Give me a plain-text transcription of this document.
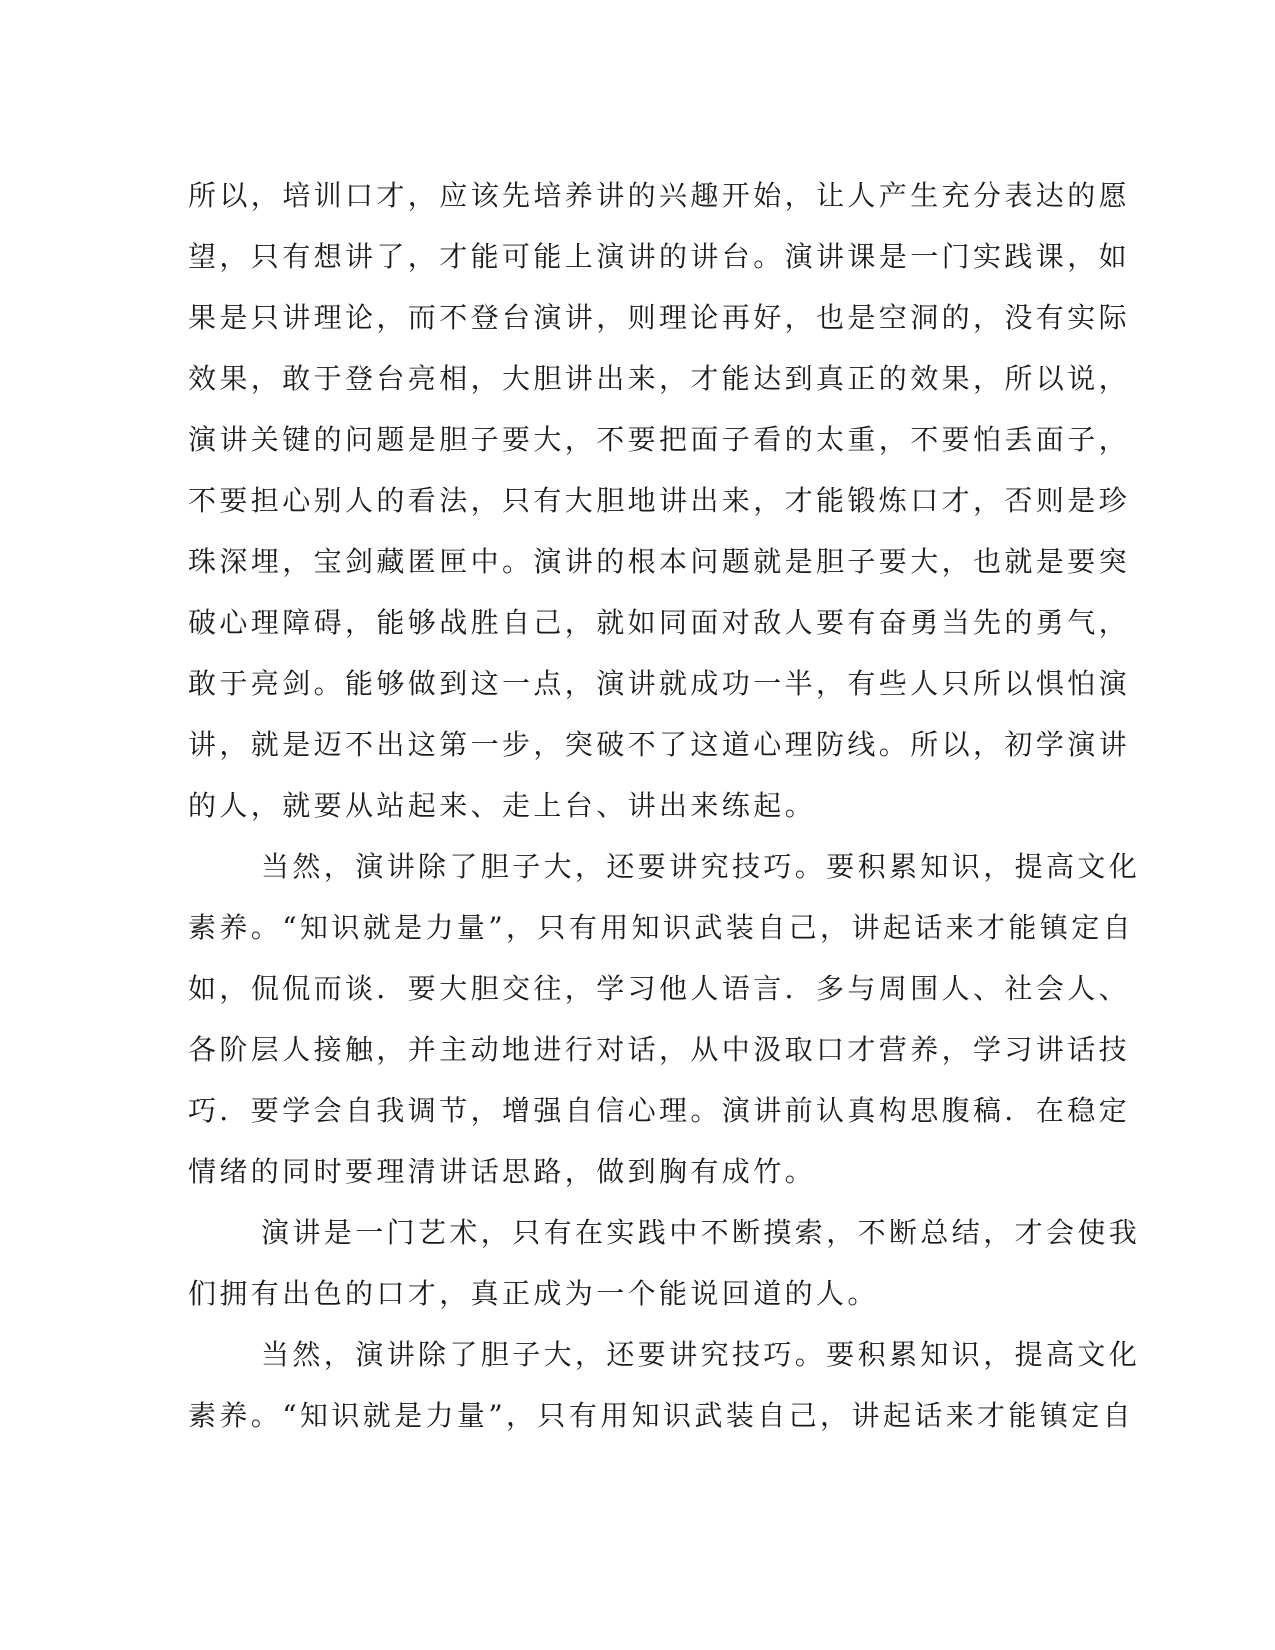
所以，培训口才，应该先培养讲的兴趣开始，让人产生充分表达的愿
望，只有想讲了，才能可能上演讲的讲台。演讲课是一门实践课，如
果是只讲理论，而不登台演讲，则理论再好，也是空洞的，没有实际
效果，敢于登台亮相，大胆讲出来，才能达到真正的效果，所以说，
演讲关键的问题是胆子要大，不要把面子看的太重，不要怕丢面子，
不要担心别人的看法，只有大胆地讲出来，才能锻炼口才，否则是珍
珠深埋，宝剑藏匿匣中。演讲的根本问题就是胆子要大，也就是要突
破心理障碍，能够战胜自己，就如同面对敌人要有奋勇当先的勇气，
敢于亮剑。能够做到这一点，演讲就成功一半，有些人只所以惧怕演
讲，就是迈不出这第一步，突破不了这道心理防线。所以，初学演讲
的人，就要从站起来、走上台、讲出来练起。
当然，演讲除了胆子大，还要讲究技巧。要积累知识，提高文化
素养。“知识就是力量”，只有用知识武装自己，讲起话来才能镇定自
如，侃侃而谈．要大胆交往，学习他人语言．多与周围人、社会人、
各阶层人接触，并主动地进行对话，从中汲取口才营养，学习讲话技
巧．要学会自我调节，增强自信心理。演讲前认真构思腹稿．在稳定
情绪的同时要理清讲话思路，做到胸有成竹。
演讲是一门艺术，只有在实践中不断摸索，不断总结，才会使我
们拥有出色的口才，真正成为一个能说回道的人。
当然，演讲除了胆子大，还要讲究技巧。要积累知识，提高文化
素养。“知识就是力量”，只有用知识武装自己，讲起话来才能镇定自
